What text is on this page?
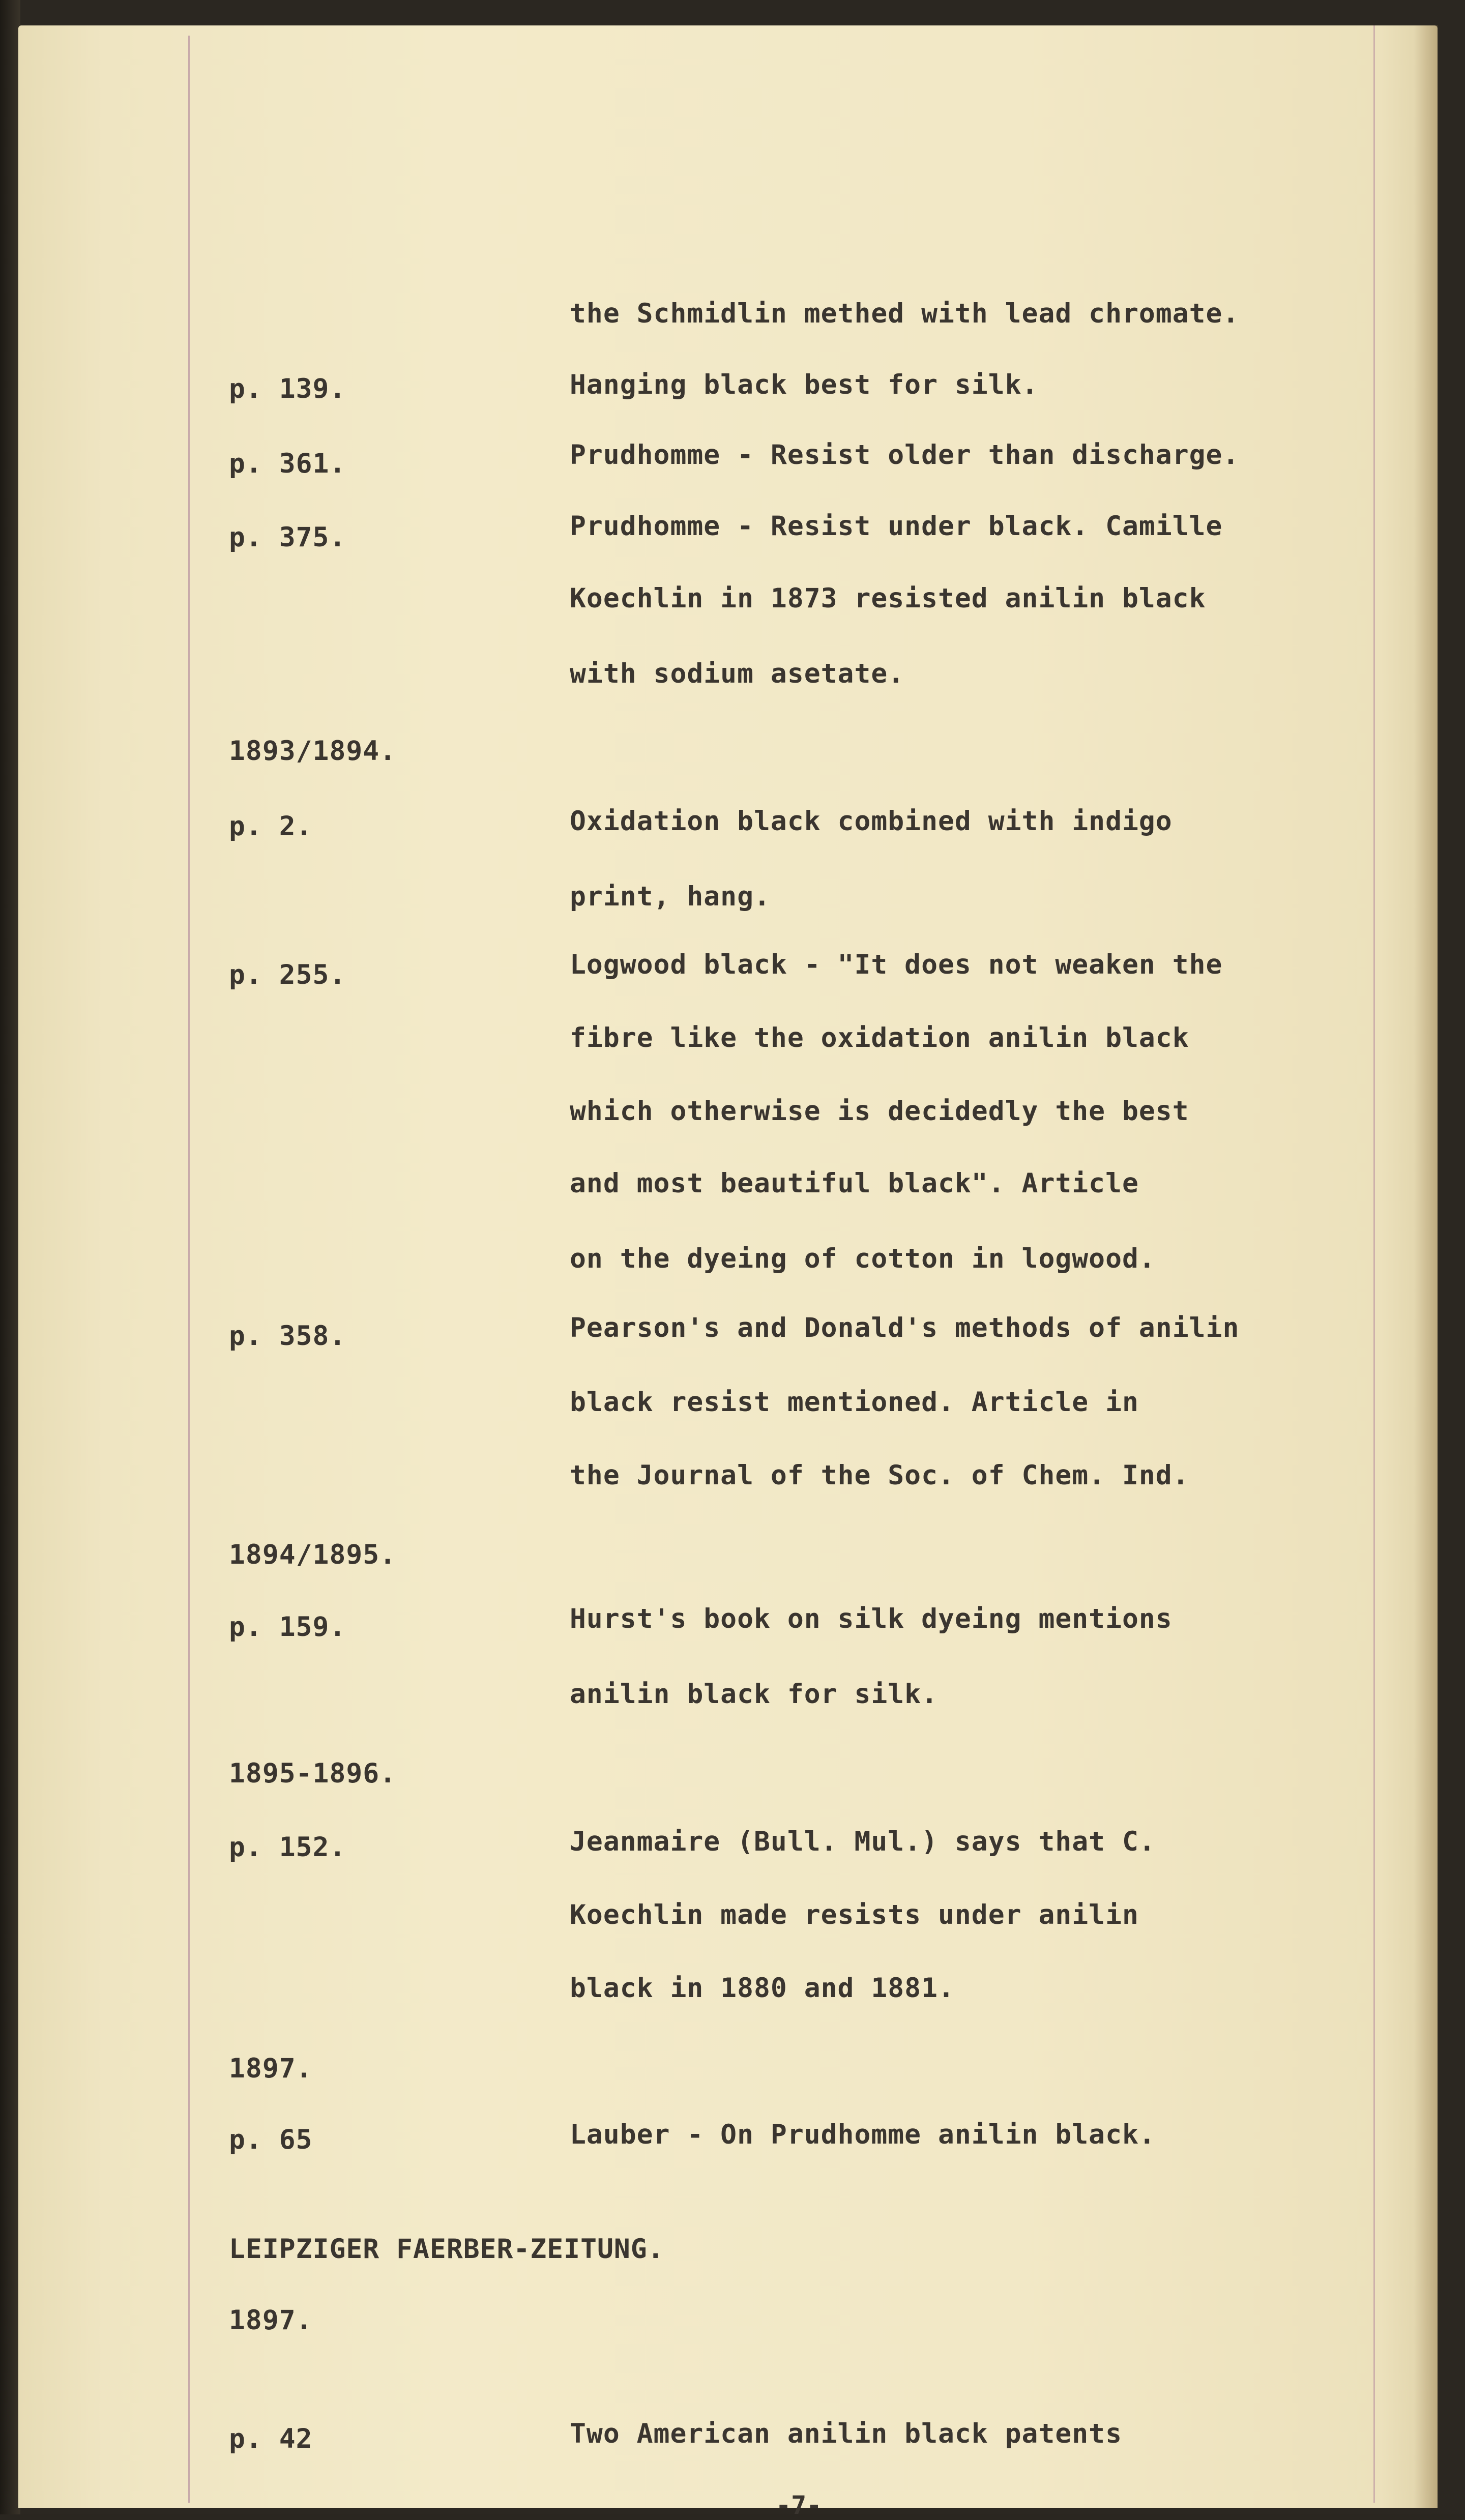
the Schmidlin methed with lead chromate.
p. 139.	Hanging black best for silk.
p. 361.	Prudhomme - Resist older than discharge.
p. 375.	Prudhomme - Resist under black. Camille
Koechlin in 1873 resisted anilin black
with sodium asetate.
1893/1894.
p. 2.	Oxidation black combined with indigo
print, hang.
p. 255.	Logwood black - "It does not weaken the
fibre like the oxidation anilin black
which otherwise is decidedly the best
and most beautiful black". Article
on the dyeing of cotton in logwood.
p. 358.	Pearson's and Donald's methods of anilin
black resist mentioned. Article in
the Journal of the Soc. of Chem. Ind.
1894/1895.
p. 159.	Hurst's book on silk dyeing mentions
anilin black for silk.
1895-1896.
p. 152.	Jeanmaire (Bull. Mul.) says that C.
Koechlin made resists under anilin
black in 1880 and 1881.
1897.
p. 65	Lauber - On Prudhomme anilin black.
LEIPZIGER FAERBER-ZEITUNG.
1897.
p. 42	Two American anilin black patents
-7-
